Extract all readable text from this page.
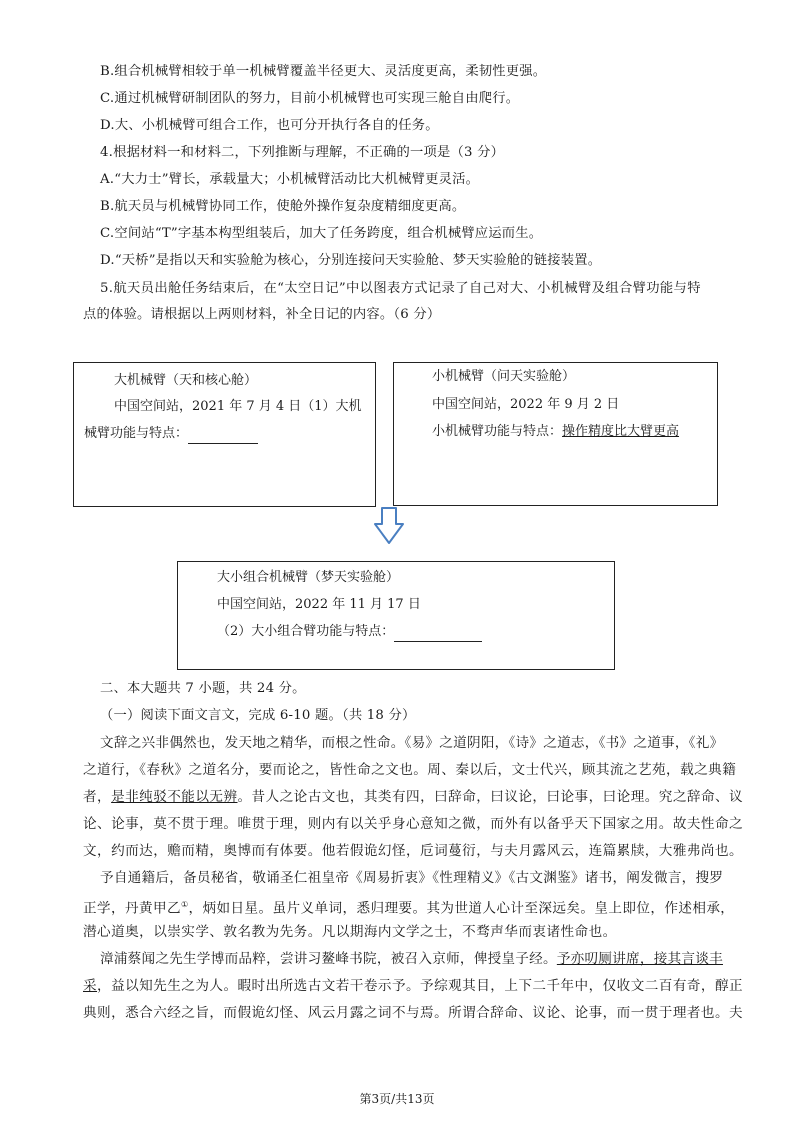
B.组合机械臂相较于单一机械臂覆盖半径更大、灵活度更高，柔韧性更强。
C.通过机械臂研制团队的努力，目前小机械臂也可实现三舱自由爬行。
D.大、小机械臂可组合工作，也可分开执行各自的任务。
4.根据材料一和材料二，下列推断与理解，不正确的一项是（3 分）
A.“大力士”臂长，承载量大；小机械臂活动比大机械臂更灵活。
B.航天员与机械臂协同工作，使舱外操作复杂度精细度更高。
C.空间站“T”字基本构型组装后，加大了任务跨度，组合机械臂应运而生。
D.“天桥”是指以天和实验舱为核心，分别连接问天实验舱、梦天实验舱的链接装置。
5.航天员出舱任务结束后，在“太空日记”中以图表方式记录了自己对大、小机械臂及组合臂功能与特
点的体验。请根据以上两则材料，补全日记的内容。（6 分）
大机械臂（天和核心舱）
中国空间站，2021 年 7 月 4 日（1）大机
械臂功能与特点：
小机械臂（问天实验舱）
中国空间站，2022 年 9 月 2 日
小机械臂功能与特点：操作精度比大臂更高
大小组合机械臂（梦天实验舱）
中国空间站，2022 年 11 月 17 日
（2）大小组合臂功能与特点：
二、本大题共 7 小题，共 24 分。
（一）阅读下面文言文，完成 6-10 题。（共 18 分）
文辞之兴非偶然也，发天地之精华，而根之性命。《易》之道阴阳，《诗》之道志，《书》之道事，《礼》
之道行，《春秋》之道名分，要而论之，皆性命之文也。周、秦以后，文士代兴，顾其流之艺苑，载之典籍
者，是非纯驳不能以无辨。昔人之论古文也，其类有四，曰辞命，曰议论，曰论事，曰论理。究之辞命、议
论、论事，莫不贯于理。唯贯于理，则内有以关乎身心意知之微，而外有以备乎天下国家之用。故夫性命之
文，约而达，赡而精，奥博而有体要。他若假诡幻怪，卮词蔓衍，与夫月露风云，连篇累牍，大雅弗尚也。
予自通籍后，备员秘省，敬诵圣仁祖皇帝《周易折衷》《性理精义》《古文渊鉴》诸书，阐发微言，搜罗
正学，丹黄甲乙①，炳如日星。虽片义单词，悉归理要。其为世道人心计至深远矣。皇上即位，作述相承，
潜心道奥，以崇实学、敦名教为先务。凡以期海内文学之士，不骛声华而衷诸性命也。
漳浦蔡闻之先生学博而品粹，尝讲习鳌峰书院，被召入京师，俾授皇子经。予亦叨厕讲席，接其言谈丰
采，益以知先生之为人。暇时出所选古文若干卷示予。予综观其目，上下二千年中，仅收文二百有奇，醇正
典则，悉合六经之旨，而假诡幻怪、风云月露之词不与焉。所谓合辞命、议论、论事，而一贯于理者也。夫
第3页/共13页
